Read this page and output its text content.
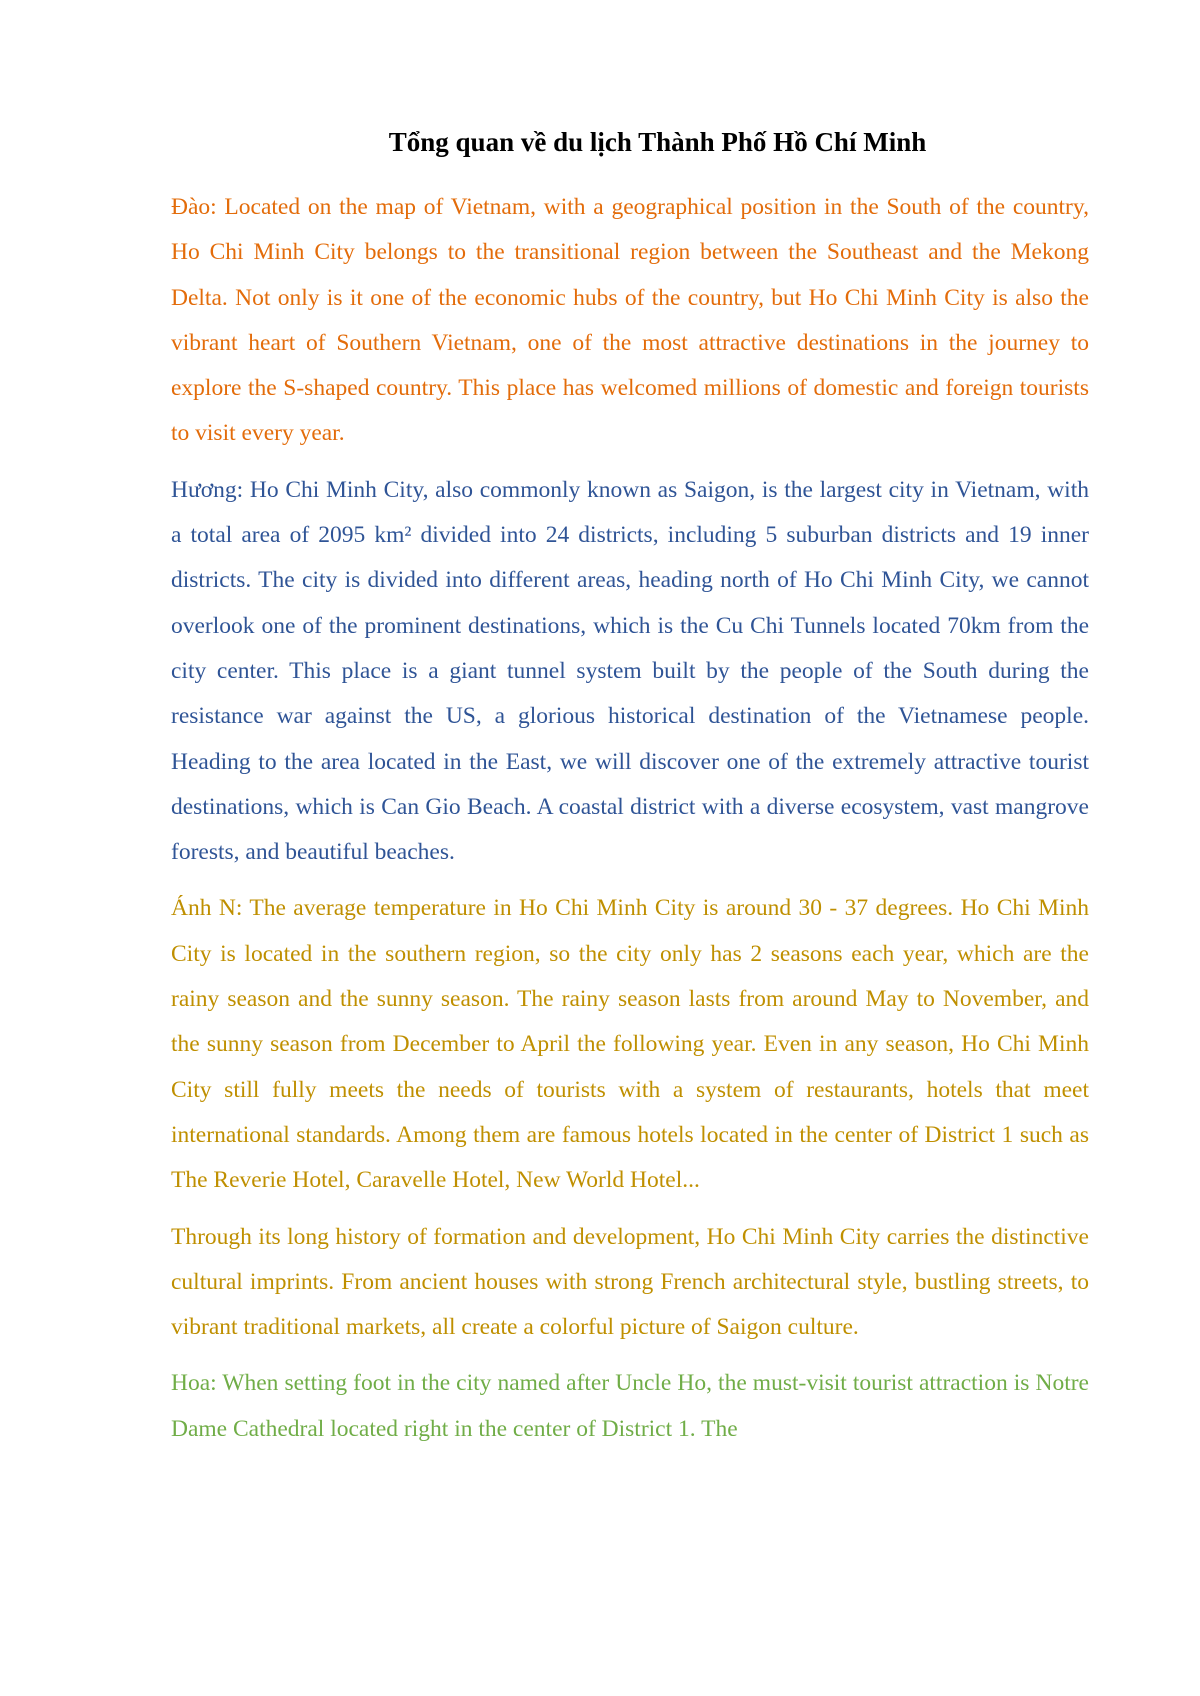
Tổng quan về du lịch Thành Phố Hồ Chí Minh

Đào: Located on the map of Vietnam, with a geographical position in the South of the country, Ho Chi Minh City belongs to the transitional region between the Southeast and the Mekong Delta. Not only is it one of the economic hubs of the country, but Ho Chi Minh City is also the vibrant heart of Southern Vietnam, one of the most attractive destinations in the journey to explore the S-shaped country. This place has welcomed millions of domestic and foreign tourists to visit every year.

Hương: Ho Chi Minh City, also commonly known as Saigon, is the largest city in Vietnam, with a total area of 2095 km² divided into 24 districts, including 5 suburban districts and 19 inner districts. The city is divided into different areas, heading north of Ho Chi Minh City, we cannot overlook one of the prominent destinations, which is the Cu Chi Tunnels located 70km from the city center. This place is a giant tunnel system built by the people of the South during the resistance war against the US, a glorious historical destination of the Vietnamese people. Heading to the area located in the East, we will discover one of the extremely attractive tourist destinations, which is Can Gio Beach. A coastal district with a diverse ecosystem, vast mangrove forests, and beautiful beaches.

Ánh N: The average temperature in Ho Chi Minh City is around 30 - 37 degrees. Ho Chi Minh City is located in the southern region, so the city only has 2 seasons each year, which are the rainy season and the sunny season. The rainy season lasts from around May to November, and the sunny season from December to April the following year. Even in any season, Ho Chi Minh City still fully meets the needs of tourists with a system of restaurants, hotels that meet international standards. Among them are famous hotels located in the center of District 1 such as The Reverie Hotel, Caravelle Hotel, New World Hotel...

Through its long history of formation and development, Ho Chi Minh City carries the distinctive cultural imprints. From ancient houses with strong French architectural style, bustling streets, to vibrant traditional markets, all create a colorful picture of Saigon culture.

Hoa: When setting foot in the city named after Uncle Ho, the must-visit tourist attraction is Notre Dame Cathedral located right in the center of District 1. The
